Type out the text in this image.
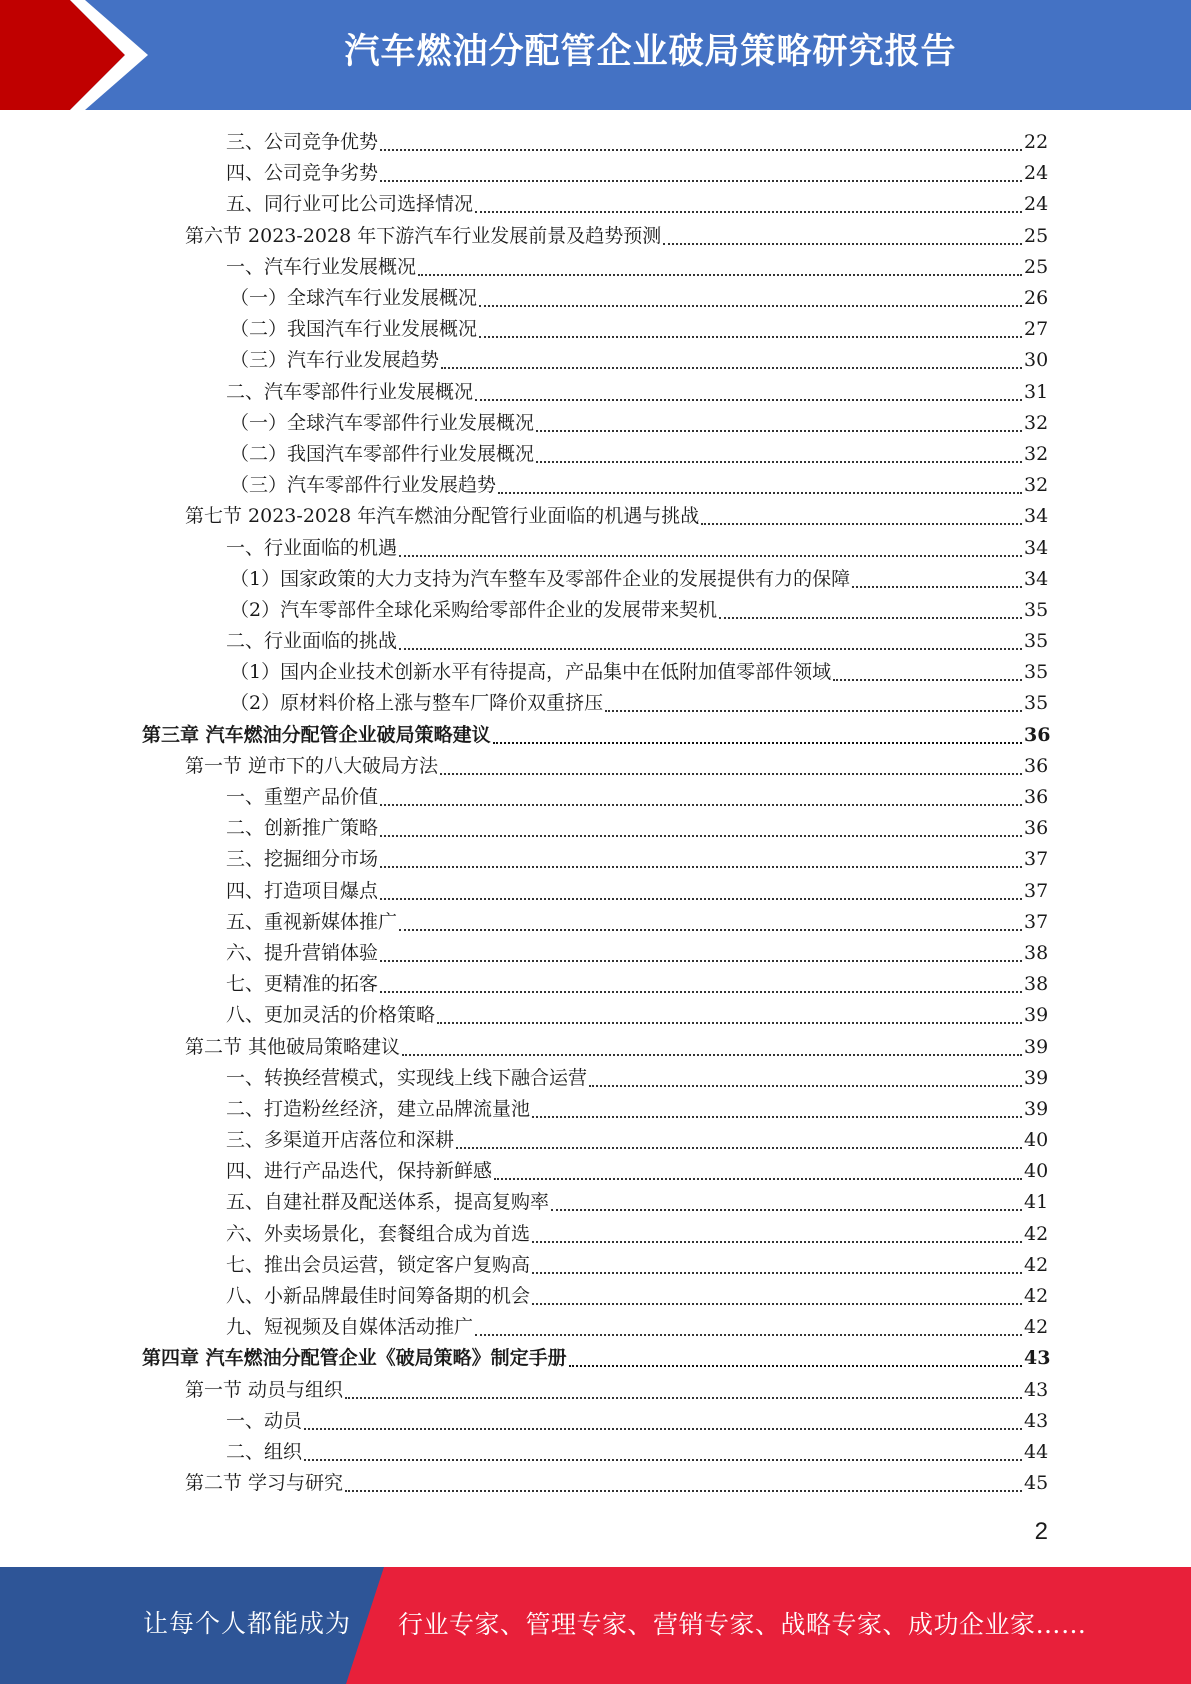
汽车燃油分配管企业破局策略研究报告
三、公司竞争优势	22
四、公司竞争劣势	24
五、同行业可比公司选择情况	24
第六节 2023-2028 年下游汽车行业发展前景及趋势预测	25
一、汽车行业发展概况	25
（一）全球汽车行业发展概况	26
（二）我国汽车行业发展概况	27
（三）汽车行业发展趋势	30
二、汽车零部件行业发展概况	31
（一）全球汽车零部件行业发展概况	32
（二）我国汽车零部件行业发展概况	32
（三）汽车零部件行业发展趋势	32
第七节 2023-2028 年汽车燃油分配管行业面临的机遇与挑战	34
一、行业面临的机遇	34
（1）国家政策的大力支持为汽车整车及零部件企业的发展提供有力的保障	34
（2）汽车零部件全球化采购给零部件企业的发展带来契机	35
二、行业面临的挑战	35
（1）国内企业技术创新水平有待提高，产品集中在低附加值零部件领域	35
（2）原材料价格上涨与整车厂降价双重挤压	35
第三章 汽车燃油分配管企业破局策略建议	36
第一节 逆市下的八大破局方法	36
一、重塑产品价值	36
二、创新推广策略	36
三、挖掘细分市场	37
四、打造项目爆点	37
五、重视新媒体推广	37
六、提升营销体验	38
七、更精准的拓客	38
八、更加灵活的价格策略	39
第二节 其他破局策略建议	39
一、转换经营模式，实现线上线下融合运营	39
二、打造粉丝经济，建立品牌流量池	39
三、多渠道开店落位和深耕	40
四、进行产品迭代，保持新鲜感	40
五、自建社群及配送体系，提高复购率	41
六、外卖场景化，套餐组合成为首选	42
七、推出会员运营，锁定客户复购高	42
八、小新品牌最佳时间筹备期的机会	42
九、短视频及自媒体活动推广	42
第四章 汽车燃油分配管企业《破局策略》制定手册	43
第一节 动员与组织	43
一、动员	43
二、组织	44
第二节 学习与研究	45
2
让每个人都能成为 行业专家、管理专家、营销专家、战略专家、成功企业家……
